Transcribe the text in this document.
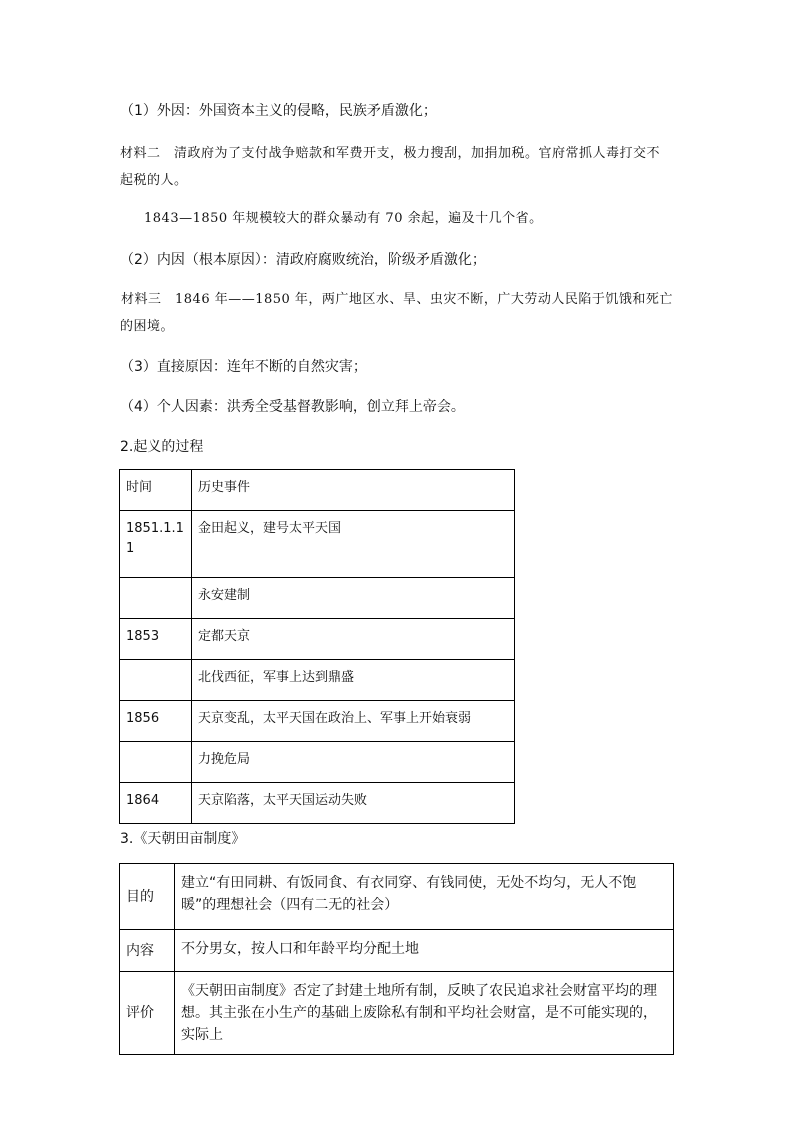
（1）外因：外国资本主义的侵略，民族矛盾激化；
材料二　清政府为了支付战争赔款和军费开支，极力搜刮，加捐加税。官府常抓人毒打交不
起税的人。
1843—1850 年规模较大的群众暴动有 70 余起，遍及十几个省。
（2）内因（根本原因）：清政府腐败统治，阶级矛盾激化；
材料三　1846 年——1850 年，两广地区水、旱、虫灾不断，广大劳动人民陷于饥饿和死亡
的困境。
（3）直接原因：连年不断的自然灾害；
（4）个人因素：洪秀全受基督教影响，创立拜上帝会。
2.起义的过程
时间	历史事件
1851.1.11	金田起义，建号太平天国
	永安建制
1853	定都天京
	北伐西征，军事上达到鼎盛
1856	天京变乱，太平天国在政治上、军事上开始衰弱
	力挽危局
1864	天京陷落，太平天国运动失败
3.《天朝田亩制度》
目的	建立“有田同耕、有饭同食、有衣同穿、有钱同使，无处不均匀，无人不饱暖”的理想社会（四有二无的社会）
内容	不分男女，按人口和年龄平均分配土地
评价	《天朝田亩制度》否定了封建土地所有制，反映了农民追求社会财富平均的理想。其主张在小生产的基础上废除私有制和平均社会财富，是不可能实现的，实际上
